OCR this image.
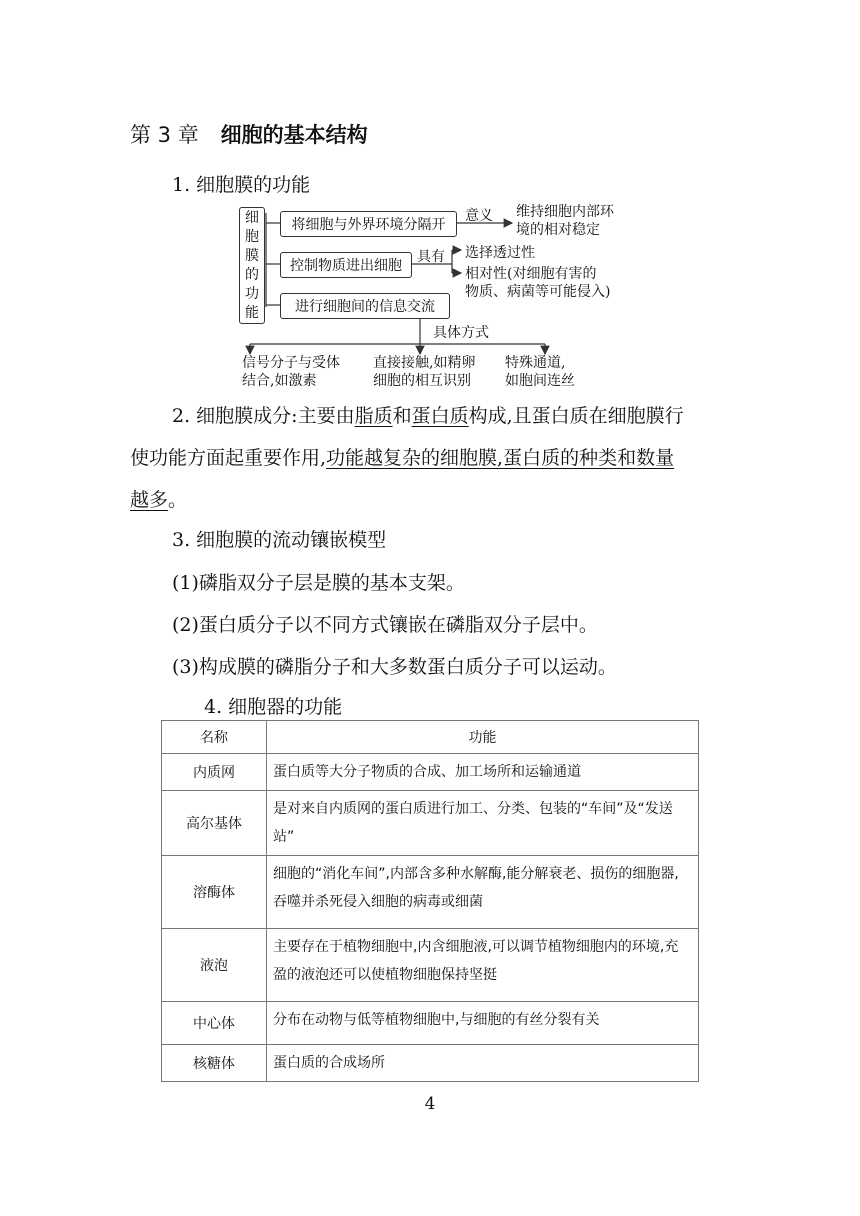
第 3 章 细胞的基本结构
1. 细胞膜的功能
细
胞
膜
的
功
能
将细胞与外界环境分隔开
意义 维持细胞内部环
境的相对稳定
控制物质进出细胞
具有 选择透过性
相对性(对细胞有害的
物质、病菌等可能侵入)
进行细胞间的信息交流
具体方式
信号分子与受体
结合,如激素
直接接触,如精卵
细胞的相互识别
特殊通道,
如胞间连丝
2. 细胞膜成分:主要由脂质和蛋白质构成,且蛋白质在细胞膜行
使功能方面起重要作用,功能越复杂的细胞膜,蛋白质的种类和数量
越多。
3. 细胞膜的流动镶嵌模型
(1)磷脂双分子层是膜的基本支架。
(2)蛋白质分子以不同方式镶嵌在磷脂双分子层中。
(3)构成膜的磷脂分子和大多数蛋白质分子可以运动。
4. 细胞器的功能
名称	功能
内质网	蛋白质等大分子物质的合成、加工场所和运输通道
高尔基体	是对来自内质网的蛋白质进行加工、分类、包装的“车间”及“发送站”
溶酶体	细胞的“消化车间”,内部含多种水解酶,能分解衰老、损伤的细胞器,吞噬并杀死侵入细胞的病毒或细菌
液泡	主要存在于植物细胞中,内含细胞液,可以调节植物细胞内的环境,充盈的液泡还可以使植物细胞保持坚挺
中心体	分布在动物与低等植物细胞中,与细胞的有丝分裂有关
核糖体	蛋白质的合成场所
4
